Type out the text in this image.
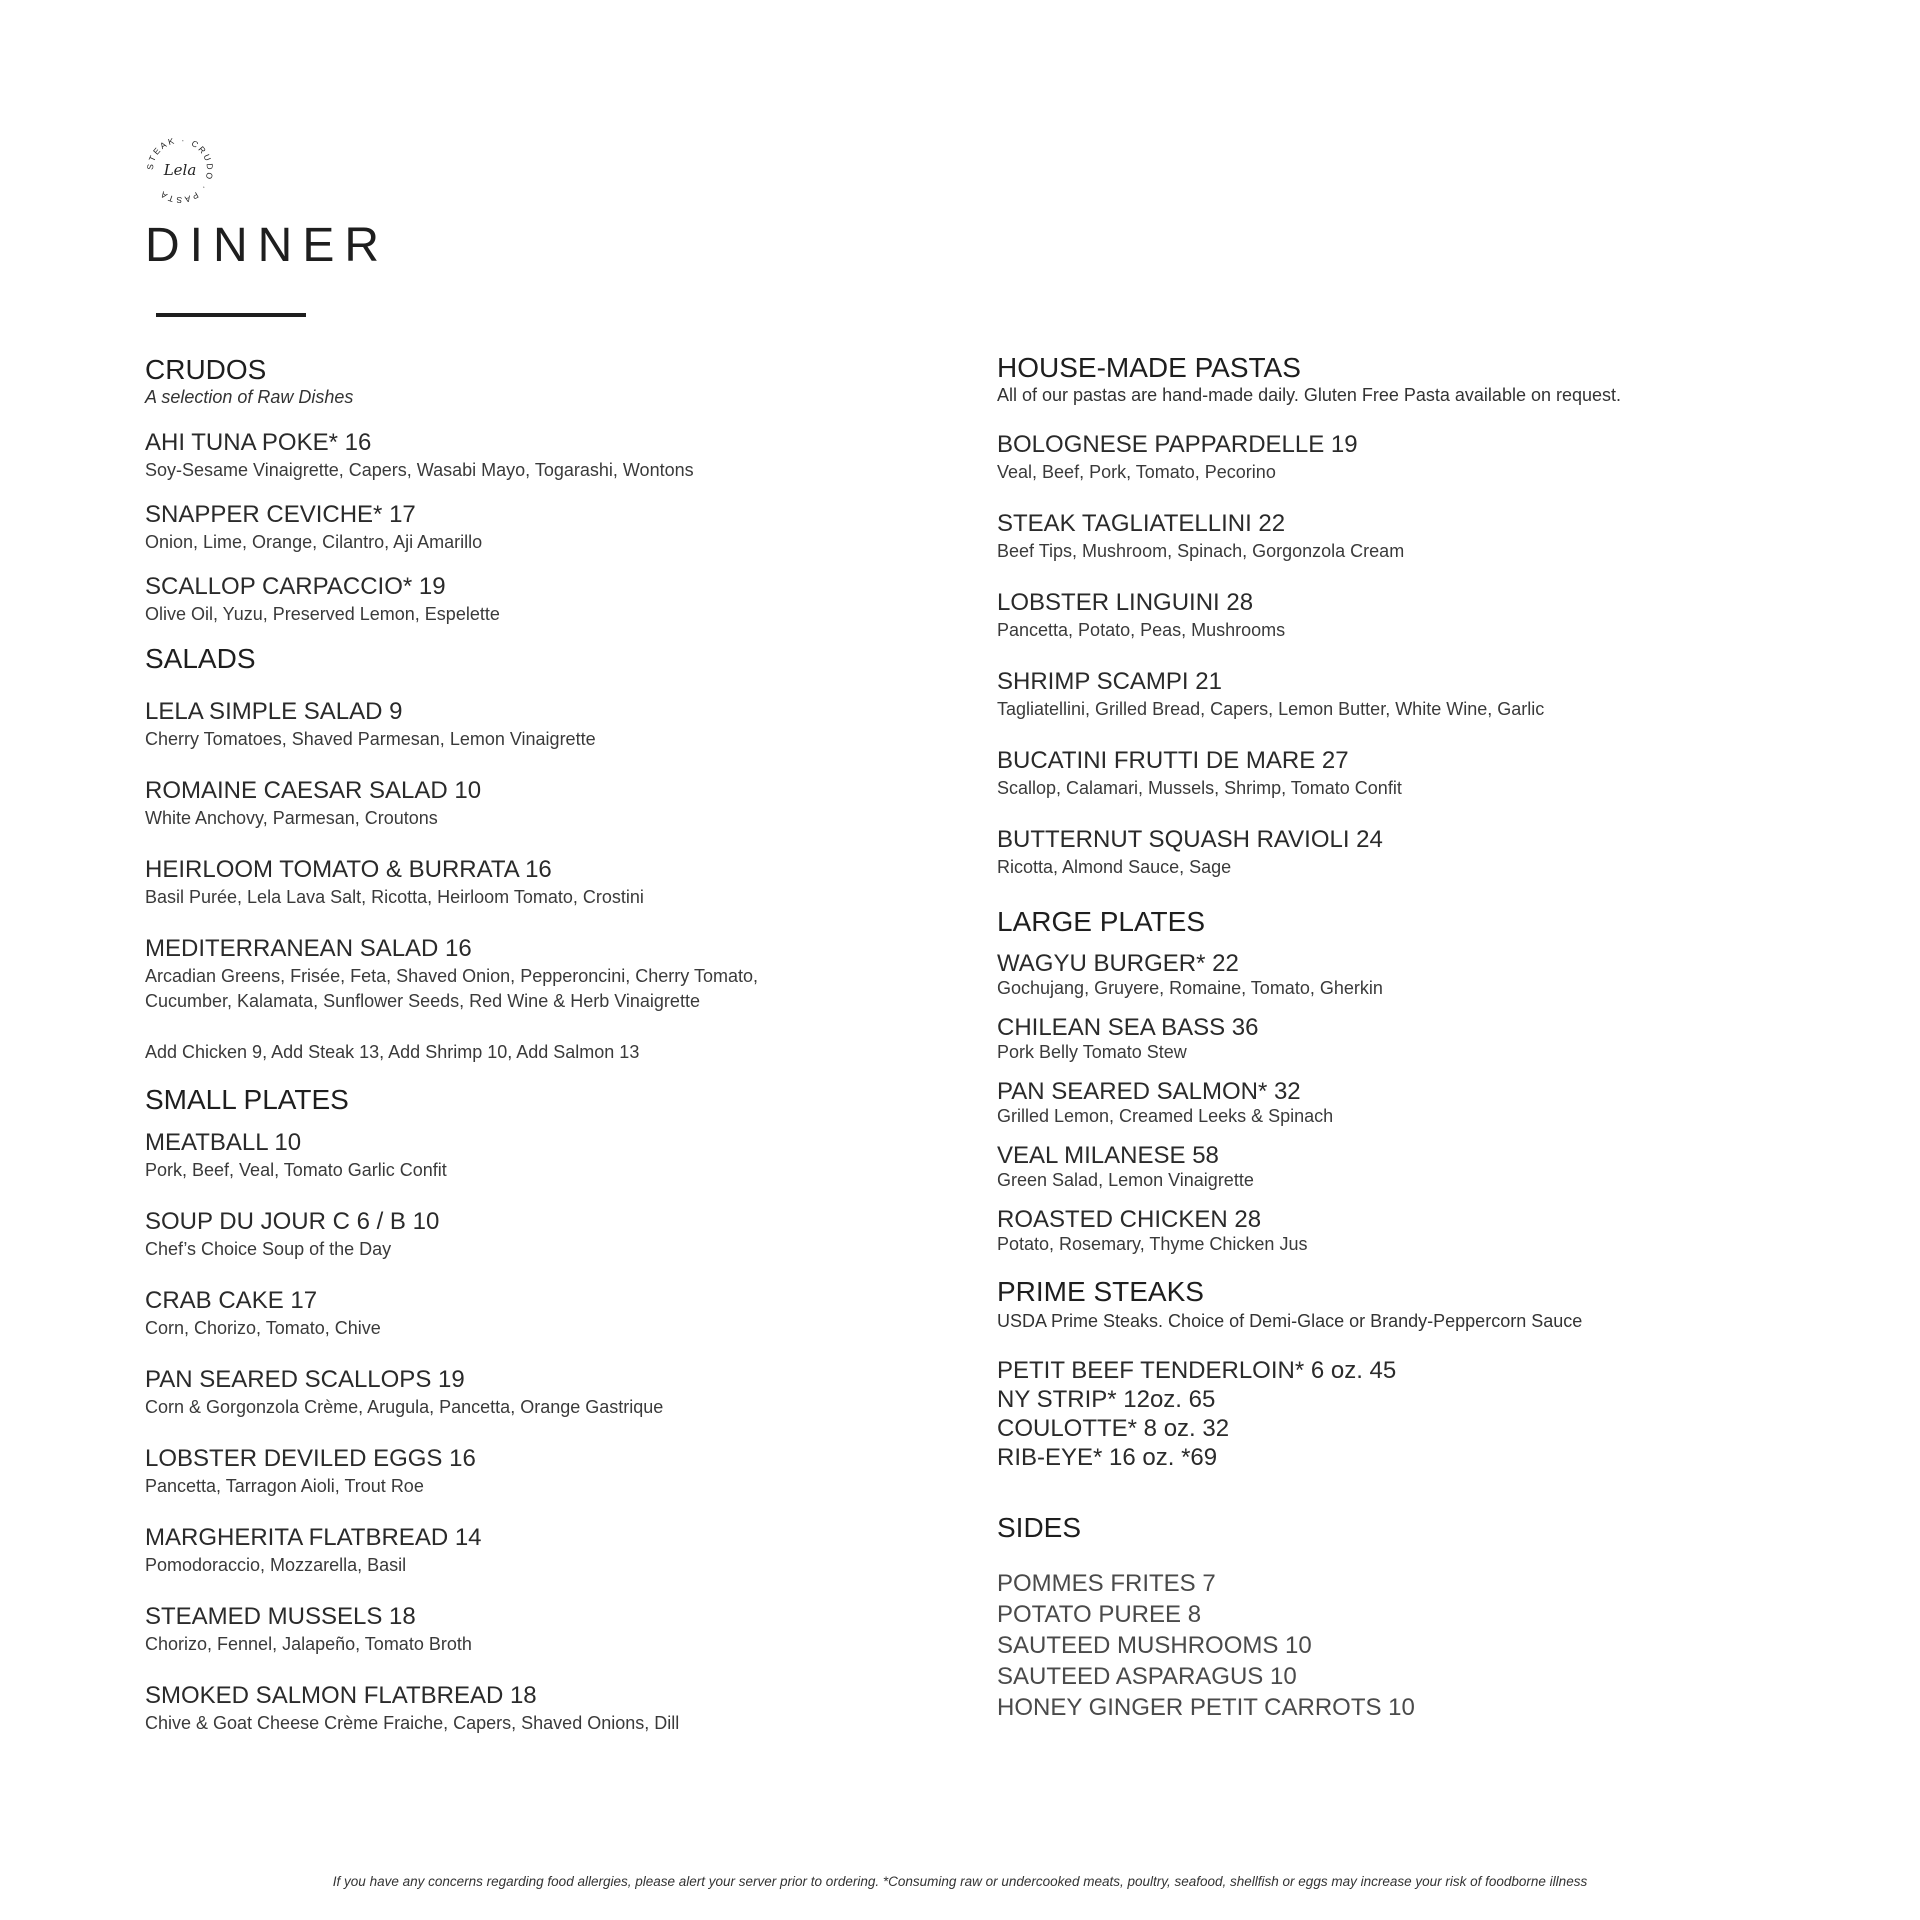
STEAK · CRUDO · PASTA
Lela
DINNER
CRUDOS
A selection of Raw Dishes
AHI TUNA POKE* 16
Soy-Sesame Vinaigrette, Capers, Wasabi Mayo, Togarashi, Wontons
SNAPPER CEVICHE* 17
Onion, Lime, Orange, Cilantro, Aji Amarillo
SCALLOP CARPACCIO* 19
Olive Oil, Yuzu, Preserved Lemon, Espelette
SALADS
LELA SIMPLE SALAD 9
Cherry Tomatoes, Shaved Parmesan, Lemon Vinaigrette
ROMAINE CAESAR SALAD 10
White Anchovy, Parmesan, Croutons
HEIRLOOM TOMATO & BURRATA 16
Basil Purée, Lela Lava Salt, Ricotta, Heirloom Tomato, Crostini
MEDITERRANEAN SALAD 16
Arcadian Greens, Frisée, Feta, Shaved Onion, Pepperoncini, Cherry Tomato,
Cucumber, Kalamata, Sunflower Seeds, Red Wine & Herb Vinaigrette
Add Chicken 9, Add Steak 13, Add Shrimp 10, Add Salmon 13
SMALL PLATES
MEATBALL 10
Pork, Beef, Veal, Tomato Garlic Confit
SOUP DU JOUR C 6 / B 10
Chef’s Choice Soup of the Day
CRAB CAKE 17
Corn, Chorizo, Tomato, Chive
PAN SEARED SCALLOPS 19
Corn & Gorgonzola Crème, Arugula, Pancetta, Orange Gastrique
LOBSTER DEVILED EGGS 16
Pancetta, Tarragon Aioli, Trout Roe
MARGHERITA FLATBREAD 14
Pomodoraccio, Mozzarella, Basil
STEAMED MUSSELS 18
Chorizo, Fennel, Jalapeño, Tomato Broth
SMOKED SALMON FLATBREAD 18
Chive & Goat Cheese Crème Fraiche, Capers, Shaved Onions, Dill
HOUSE-MADE PASTAS
All of our pastas are hand-made daily. Gluten Free Pasta available on request.
BOLOGNESE PAPPARDELLE 19
Veal, Beef, Pork, Tomato, Pecorino
STEAK TAGLIATELLINI 22
Beef Tips, Mushroom, Spinach, Gorgonzola Cream
LOBSTER LINGUINI 28
Pancetta, Potato, Peas, Mushrooms
SHRIMP SCAMPI 21
Tagliatellini, Grilled Bread, Capers, Lemon Butter, White Wine, Garlic
BUCATINI FRUTTI DE MARE 27
Scallop, Calamari, Mussels, Shrimp, Tomato Confit
BUTTERNUT SQUASH RAVIOLI 24
Ricotta, Almond Sauce, Sage
LARGE PLATES
WAGYU BURGER* 22
Gochujang, Gruyere, Romaine, Tomato, Gherkin
CHILEAN SEA BASS 36
Pork Belly Tomato Stew
PAN SEARED SALMON* 32
Grilled Lemon, Creamed Leeks & Spinach
VEAL MILANESE 58
Green Salad, Lemon Vinaigrette
ROASTED CHICKEN 28
Potato, Rosemary, Thyme Chicken Jus
PRIME STEAKS
USDA Prime Steaks. Choice of Demi-Glace or Brandy-Peppercorn Sauce
PETIT BEEF TENDERLOIN* 6 oz. 45
NY STRIP* 12oz. 65
COULOTTE* 8 oz. 32
RIB-EYE* 16 oz. *69
SIDES
POMMES FRITES 7
POTATO PUREE 8
SAUTEED MUSHROOMS 10
SAUTEED ASPARAGUS 10
HONEY GINGER PETIT CARROTS 10
If you have any concerns regarding food allergies, please alert your server prior to ordering. *Consuming raw or undercooked meats, poultry, seafood, shellfish or eggs may increase your risk of foodborne illness
